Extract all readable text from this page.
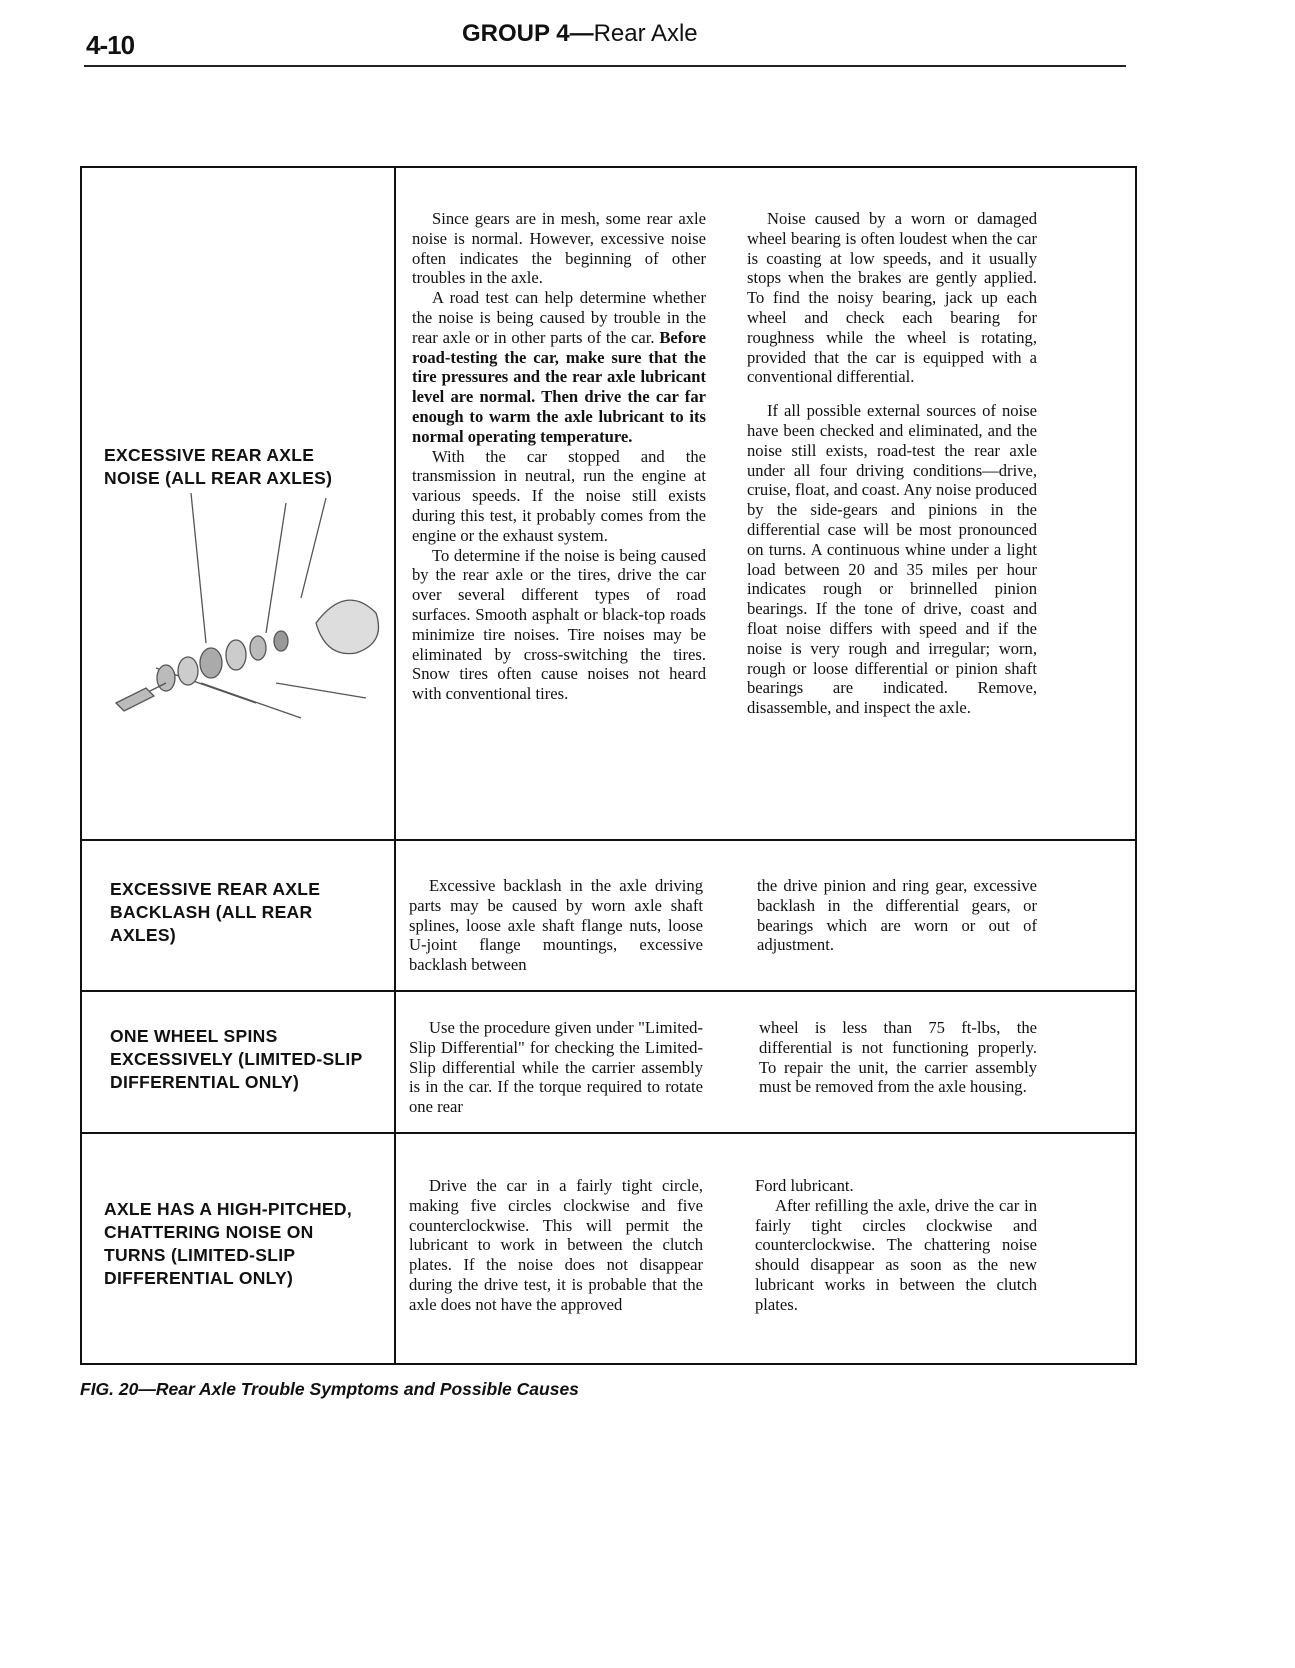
4-10	GROUP 4—Rear Axle
EXCESSIVE REAR AXLE NOISE (ALL REAR AXLES)

Since gears are in mesh, some rear axle noise is normal. However, excessive noise often indicates the beginning of other troubles in the axle.

A road test can help determine whether the noise is being caused by trouble in the rear axle or in other parts of the car. Before road-testing the car, make sure that the tire pressures and the rear axle lubricant level are normal. Then drive the car far enough to warm the axle lubricant to its normal operating temperature.

With the car stopped and the transmission in neutral, run the engine at various speeds. If the noise still exists during this test, it probably comes from the engine or the exhaust system.

To determine if the noise is being caused by the rear axle or the tires, drive the car over several different types of road surfaces. Smooth asphalt or black-top roads minimize tire noises. Tire noises may be eliminated by cross-switching the tires. Snow tires often cause noises not heard with conventional tires.

Noise caused by a worn or damaged wheel bearing is often loudest when the car is coasting at low speeds, and it usually stops when the brakes are gently applied. To find the noisy bearing, jack up each wheel and check each bearing for roughness while the wheel is rotating, provided that the car is equipped with a conventional differential.

If all possible external sources of noise have been checked and eliminated, and the noise still exists, road-test the rear axle under all four driving conditions—drive, cruise, float, and coast. Any noise produced by the side-gears and pinions in the differential case will be most pronounced on turns. A continuous whine under a light load between 20 and 35 miles per hour indicates rough or brinnelled pinion bearings. If the tone of drive, coast and float noise differs with speed and if the noise is very rough and irregular; worn, rough or loose differential or pinion shaft bearings are indicated. Remove, disassemble, and inspect the axle.

EXCESSIVE REAR AXLE BACKLASH (ALL REAR AXLES)

Excessive backlash in the axle driving parts may be caused by worn axle shaft splines, loose axle shaft flange nuts, loose U-joint flange mountings, excessive backlash between

the drive pinion and ring gear, excessive backlash in the differential gears, or bearings which are worn or out of adjustment.

ONE WHEEL SPINS EXCESSIVELY (LIMITED-SLIP DIFFERENTIAL ONLY)

Use the procedure given under "Limited-Slip Differential" for checking the Limited-Slip differential while the carrier assembly is in the car. If the torque required to rotate one rear

wheel is less than 75 ft-lbs, the differential is not functioning properly. To repair the unit, the carrier assembly must be removed from the axle housing.

AXLE HAS A HIGH-PITCHED, CHATTERING NOISE ON TURNS (LIMITED-SLIP DIFFERENTIAL ONLY)

Drive the car in a fairly tight circle, making five circles clockwise and five counterclockwise. This will permit the lubricant to work in between the clutch plates. If the noise does not disappear during the drive test, it is probable that the axle does not have the approved

Ford lubricant.

After refilling the axle, drive the car in fairly tight circles clockwise and counterclockwise. The chattering noise should disappear as soon as the new lubricant works in between the clutch plates.

FIG. 20—Rear Axle Trouble Symptoms and Possible Causes
